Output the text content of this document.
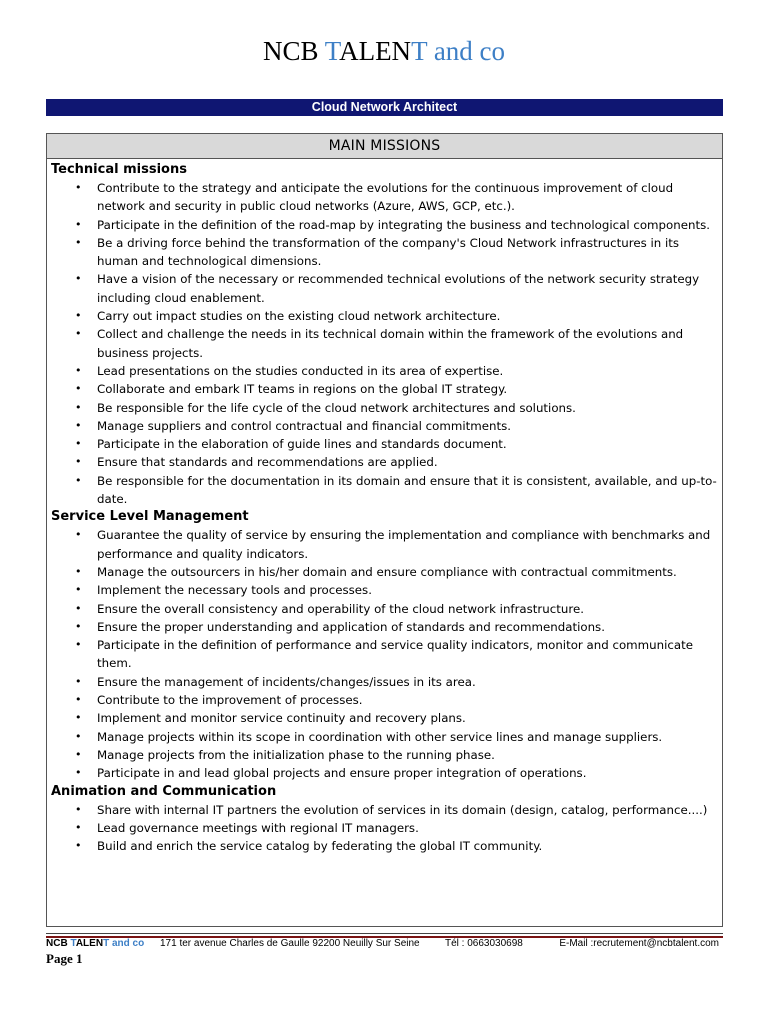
NCB TALENT and co
Cloud Network Architect
MAIN MISSIONS
Technical missions
• Contribute to the strategy and anticipate the evolutions for the continuous improvement of cloud network and security in public cloud networks (Azure, AWS, GCP, etc.).
• Participate in the definition of the road-map by integrating the business and technological components.
• Be a driving force behind the transformation of the company's Cloud Network infrastructures in its human and technological dimensions.
• Have a vision of the necessary or recommended technical evolutions of the network security strategy including cloud enablement.
• Carry out impact studies on the existing cloud network architecture.
• Collect and challenge the needs in its technical domain within the framework of the evolutions and business projects.
• Lead presentations on the studies conducted in its area of expertise.
• Collaborate and embark IT teams in regions on the global IT strategy.
• Be responsible for the life cycle of the cloud network architectures and solutions.
• Manage suppliers and control contractual and financial commitments.
• Participate in the elaboration of guide lines and standards document.
• Ensure that standards and recommendations are applied.
• Be responsible for the documentation in its domain and ensure that it is consistent, available, and up-to-date.
Service Level Management
• Guarantee the quality of service by ensuring the implementation and compliance with benchmarks and performance and quality indicators.
• Manage the outsourcers in his/her domain and ensure compliance with contractual commitments.
• Implement the necessary tools and processes.
• Ensure the overall consistency and operability of the cloud network infrastructure.
• Ensure the proper understanding and application of standards and recommendations.
• Participate in the definition of performance and service quality indicators, monitor and communicate them.
• Ensure the management of incidents/changes/issues in its area.
• Contribute to the improvement of processes.
• Implement and monitor service continuity and recovery plans.
• Manage projects within its scope in coordination with other service lines and manage suppliers.
• Manage projects from the initialization phase to the running phase.
• Participate in and lead global projects and ensure proper integration of operations.
Animation and Communication
• Share with internal IT partners the evolution of services in its domain (design, catalog, performance....)
• Lead governance meetings with regional IT managers.
• Build and enrich the service catalog by federating the global IT community.
NCB TALENT and co 171 ter avenue Charles de Gaulle 92200 Neuilly Sur Seine	Tél : 0663030698	E-Mail :recrutement@ncbtalent.com
Page 1
